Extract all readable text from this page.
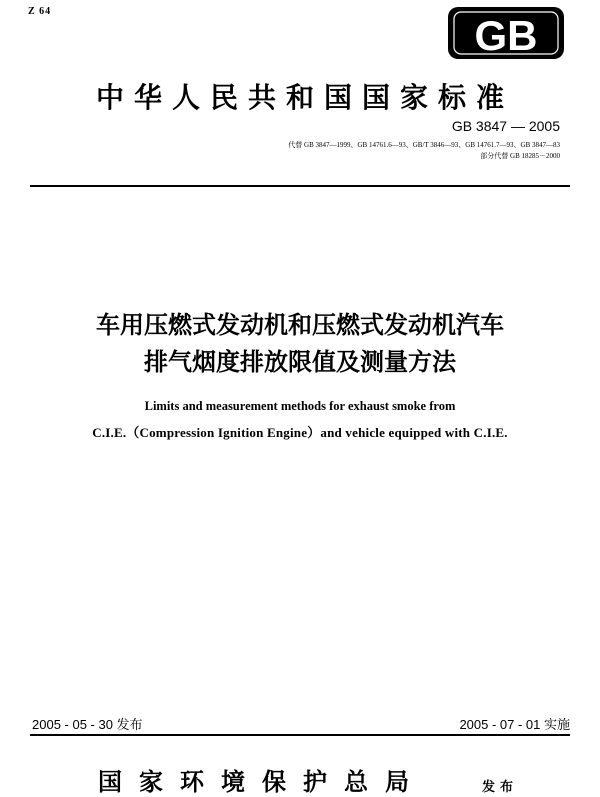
Z 64
GB
中华人民共和国国家标准
GB 3847 — 2005
代替 GB 3847—1999、GB 14761.6—93、GB/T 3846—93、GB 14761.7—93、GB 3847—83
部分代替 GB 18285－2000
车用压燃式发动机和压燃式发动机汽车
排气烟度排放限值及测量方法
Limits and measurement methods for exhaust smoke from
C.I.E.（Compression Ignition Engine）and vehicle equipped with C.I.E.
2005 - 05 - 30 发布	2005 - 07 - 01 实施
国家环境保护总局	发布
